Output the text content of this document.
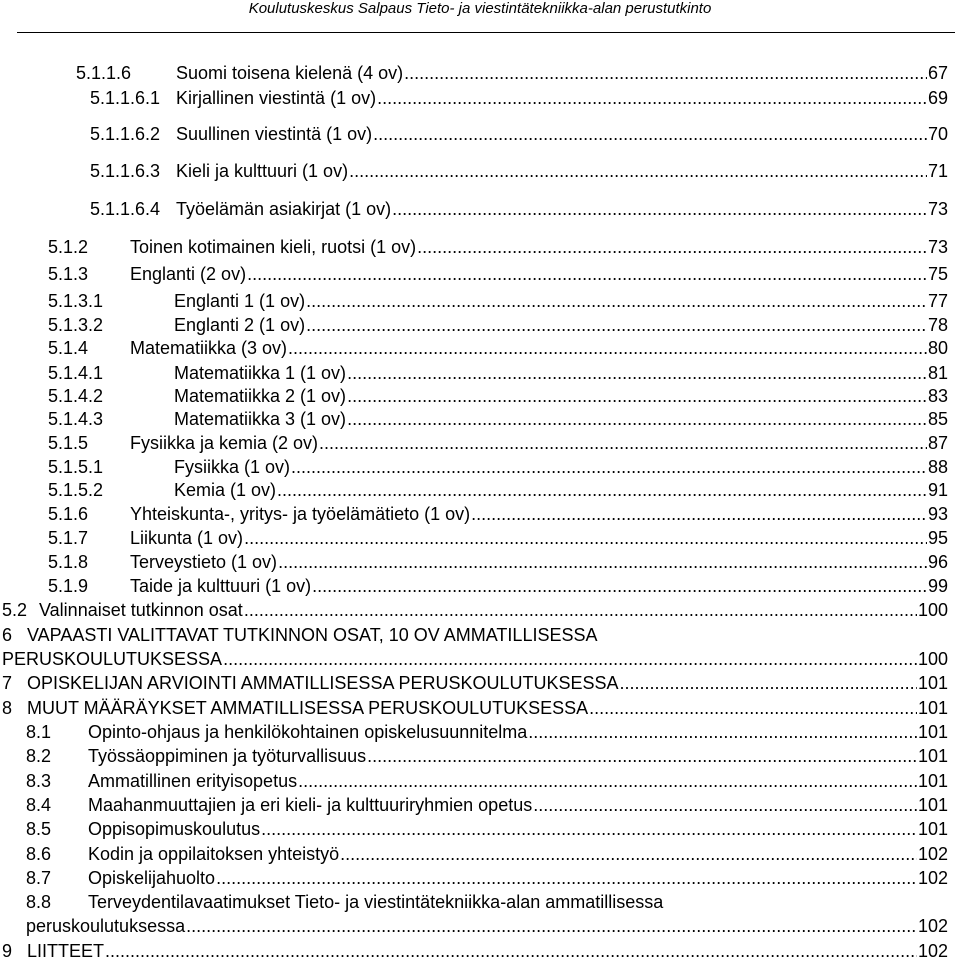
Koulutuskeskus Salpaus Tieto- ja viestintätekniikka-alan perustutkinto
5.1.1.6	Suomi toisena kielenä (4 ov) .....	67
5.1.1.6.1 Kirjallinen viestintä (1 ov) .....	69
5.1.1.6.2 Suullinen viestintä (1 ov) .....	70
5.1.1.6.3 Kieli ja kulttuuri (1 ov) .....	71
5.1.1.6.4 Työelämän asiakirjat (1 ov) .....	73
5.1.2	Toinen kotimainen kieli, ruotsi (1 ov) .....	73
5.1.3	Englanti (2 ov) .....	75
5.1.3.1	Englanti 1 (1 ov) .....	77
5.1.3.2	Englanti 2 (1 ov) .....	78
5.1.4	Matematiikka (3 ov) .....	80
5.1.4.1	Matematiikka 1 (1 ov) .....	81
5.1.4.2	Matematiikka 2 (1 ov) .....	83
5.1.4.3	Matematiikka 3 (1 ov) .....	85
5.1.5	Fysiikka ja kemia (2 ov) .....	87
5.1.5.1	Fysiikka (1 ov) .....	88
5.1.5.2	Kemia (1 ov) .....	91
5.1.6	Yhteiskunta-, yritys- ja työelämätieto (1 ov) .....	93
5.1.7	Liikunta (1 ov) .....	95
5.1.8	Terveystieto (1 ov) .....	96
5.1.9	Taide ja kulttuuri (1 ov) .....	99
5.2 Valinnaiset tutkinnon osat .....	100
6 VAPAASTI VALITTAVAT TUTKINNON OSAT, 10 OV AMMATILLISESSA
PERUSKOULUTUKSESSA .....	100
7 OPISKELIJAN ARVIOINTI AMMATILLISESSA PERUSKOULUTUKSESSA .....	101
8 MUUT MÄÄRÄYKSET AMMATILLISESSA PERUSKOULUTUKSESSA .....	101
8.1	Opinto-ohjaus ja henkilökohtainen opiskelusuunnitelma .....	101
8.2	Työssäoppiminen ja työturvallisuus .....	101
8.3	Ammatillinen erityisopetus .....	101
8.4	Maahanmuuttajien ja eri kieli- ja kulttuuriryhmien opetus .....	101
8.5	Oppisopimuskoulutus .....	101
8.6	Kodin ja oppilaitoksen yhteistyö .....	102
8.7	Opiskelijahuolto .....	102
8.8	Terveydentilavaatimukset Tieto- ja viestintätekniikka-alan ammatillisessa
peruskoulutuksessa .....	102
9 LIITTEET .....	102
